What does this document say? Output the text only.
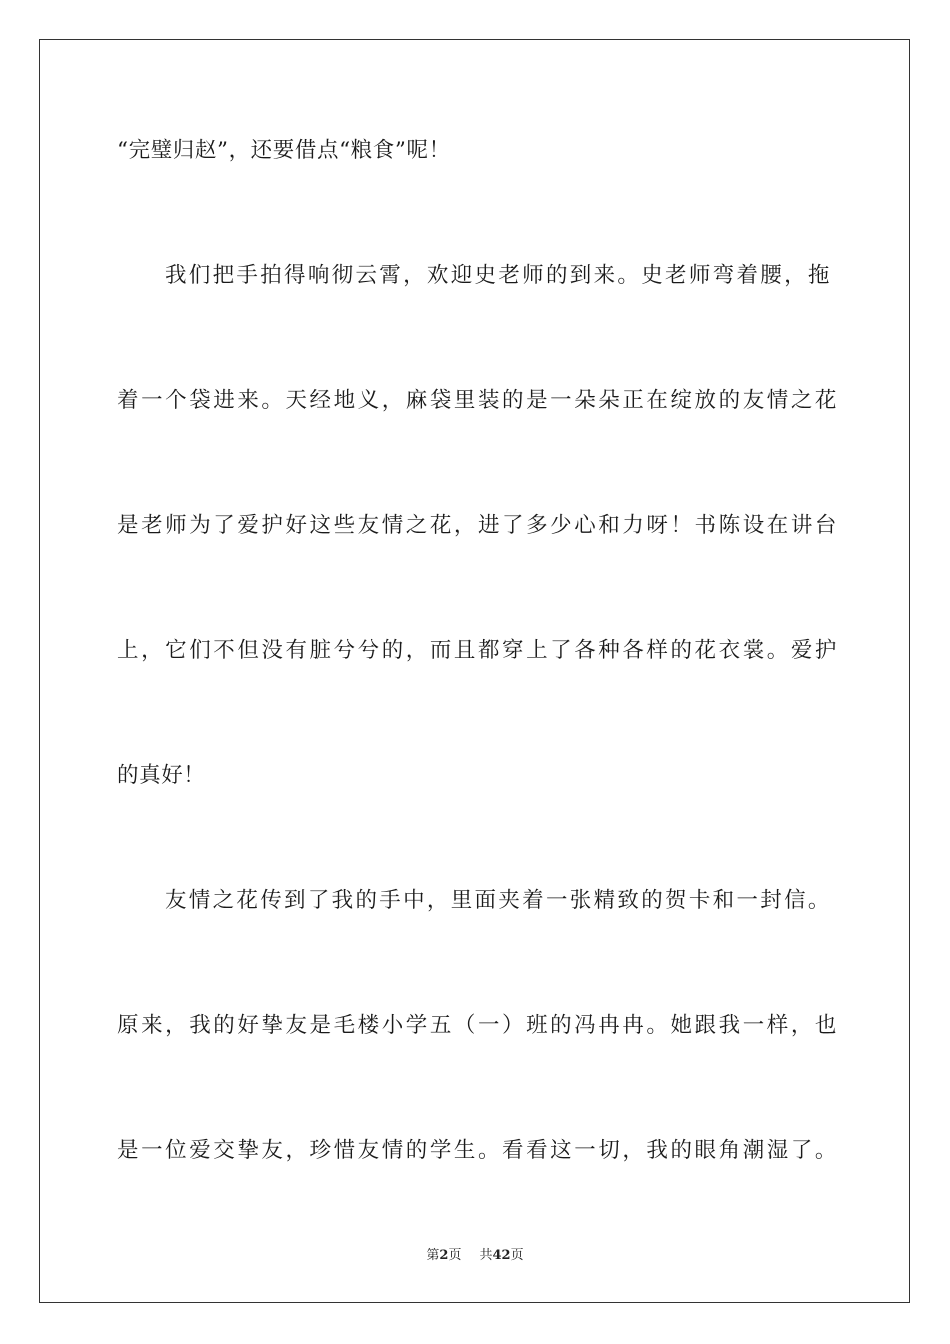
“完璧归赵”，还要借点“粮食”呢！
我们把手拍得响彻云霄，欢迎史老师的到来。史老师弯着腰，拖
着一个袋进来。天经地义，麻袋里装的是一朵朵正在绽放的友情之花
是老师为了爱护好这些友情之花，进了多少心和力呀！书陈设在讲台
上，它们不但没有脏兮兮的，而且都穿上了各种各样的花衣裳。爱护
的真好！
友情之花传到了我的手中，里面夹着一张精致的贺卡和一封信。
原来，我的好挚友是毛楼小学五（一）班的冯冉冉。她跟我一样，也
是一位爱交挚友，珍惜友情的学生。看看这一切，我的眼角潮湿了。
第2页 共42页
